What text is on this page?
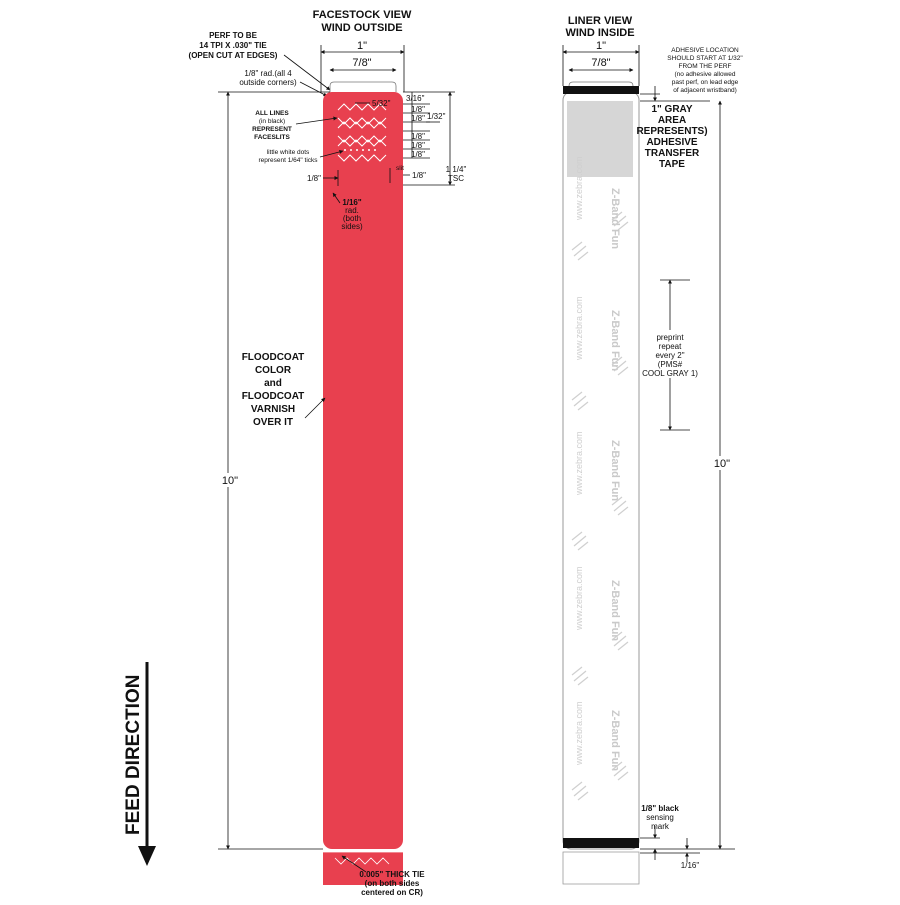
FACESTOCK VIEW
WIND OUTSIDE
1"
7/8"
PERF TO BE
14 TPI X .030" TIE
(OPEN CUT AT EDGES)
1/8" rad.(all 4
outside corners)
ALL LINES
(in black)
REPRESENT
FACESLITS
little white dots
represent 1/64" ticks
5/32"
3/16"
1/8"
1/8"
1/8"
1/8"
1/8"
1/32"
slit
1/8"
1 1/4"
TSC
1/8"
1/16"
rad.
(both
sides)
FLOODCOAT
COLOR
and
FLOODCOAT
VARNISH
OVER IT
10"
0.005" THICK TIE
(on both sides
centered on CR)
LINER VIEW
WIND INSIDE
1"
7/8"
ADHESIVE LOCATION
SHOULD START AT 1/32"
FROM THE PERF
(no adhesive allowed
past perf, on lead edge
of adjacent wristband)
1" GRAY
AREA
REPRESENTS)
ADHESIVE
TRANSFER
TAPE
Z-Band Fun
www.zebra.com
Z-Band Fun
www.zebra.com
Z-Band Fun
www.zebra.com
Z-Band Fun
www.zebra.com
Z-Band Fun
www.zebra.com
preprint
repeat
every 2"
(PMS#
COOL GRAY 1)
10"
1/8" black
sensing
mark
1/16"
FEED DIRECTION
